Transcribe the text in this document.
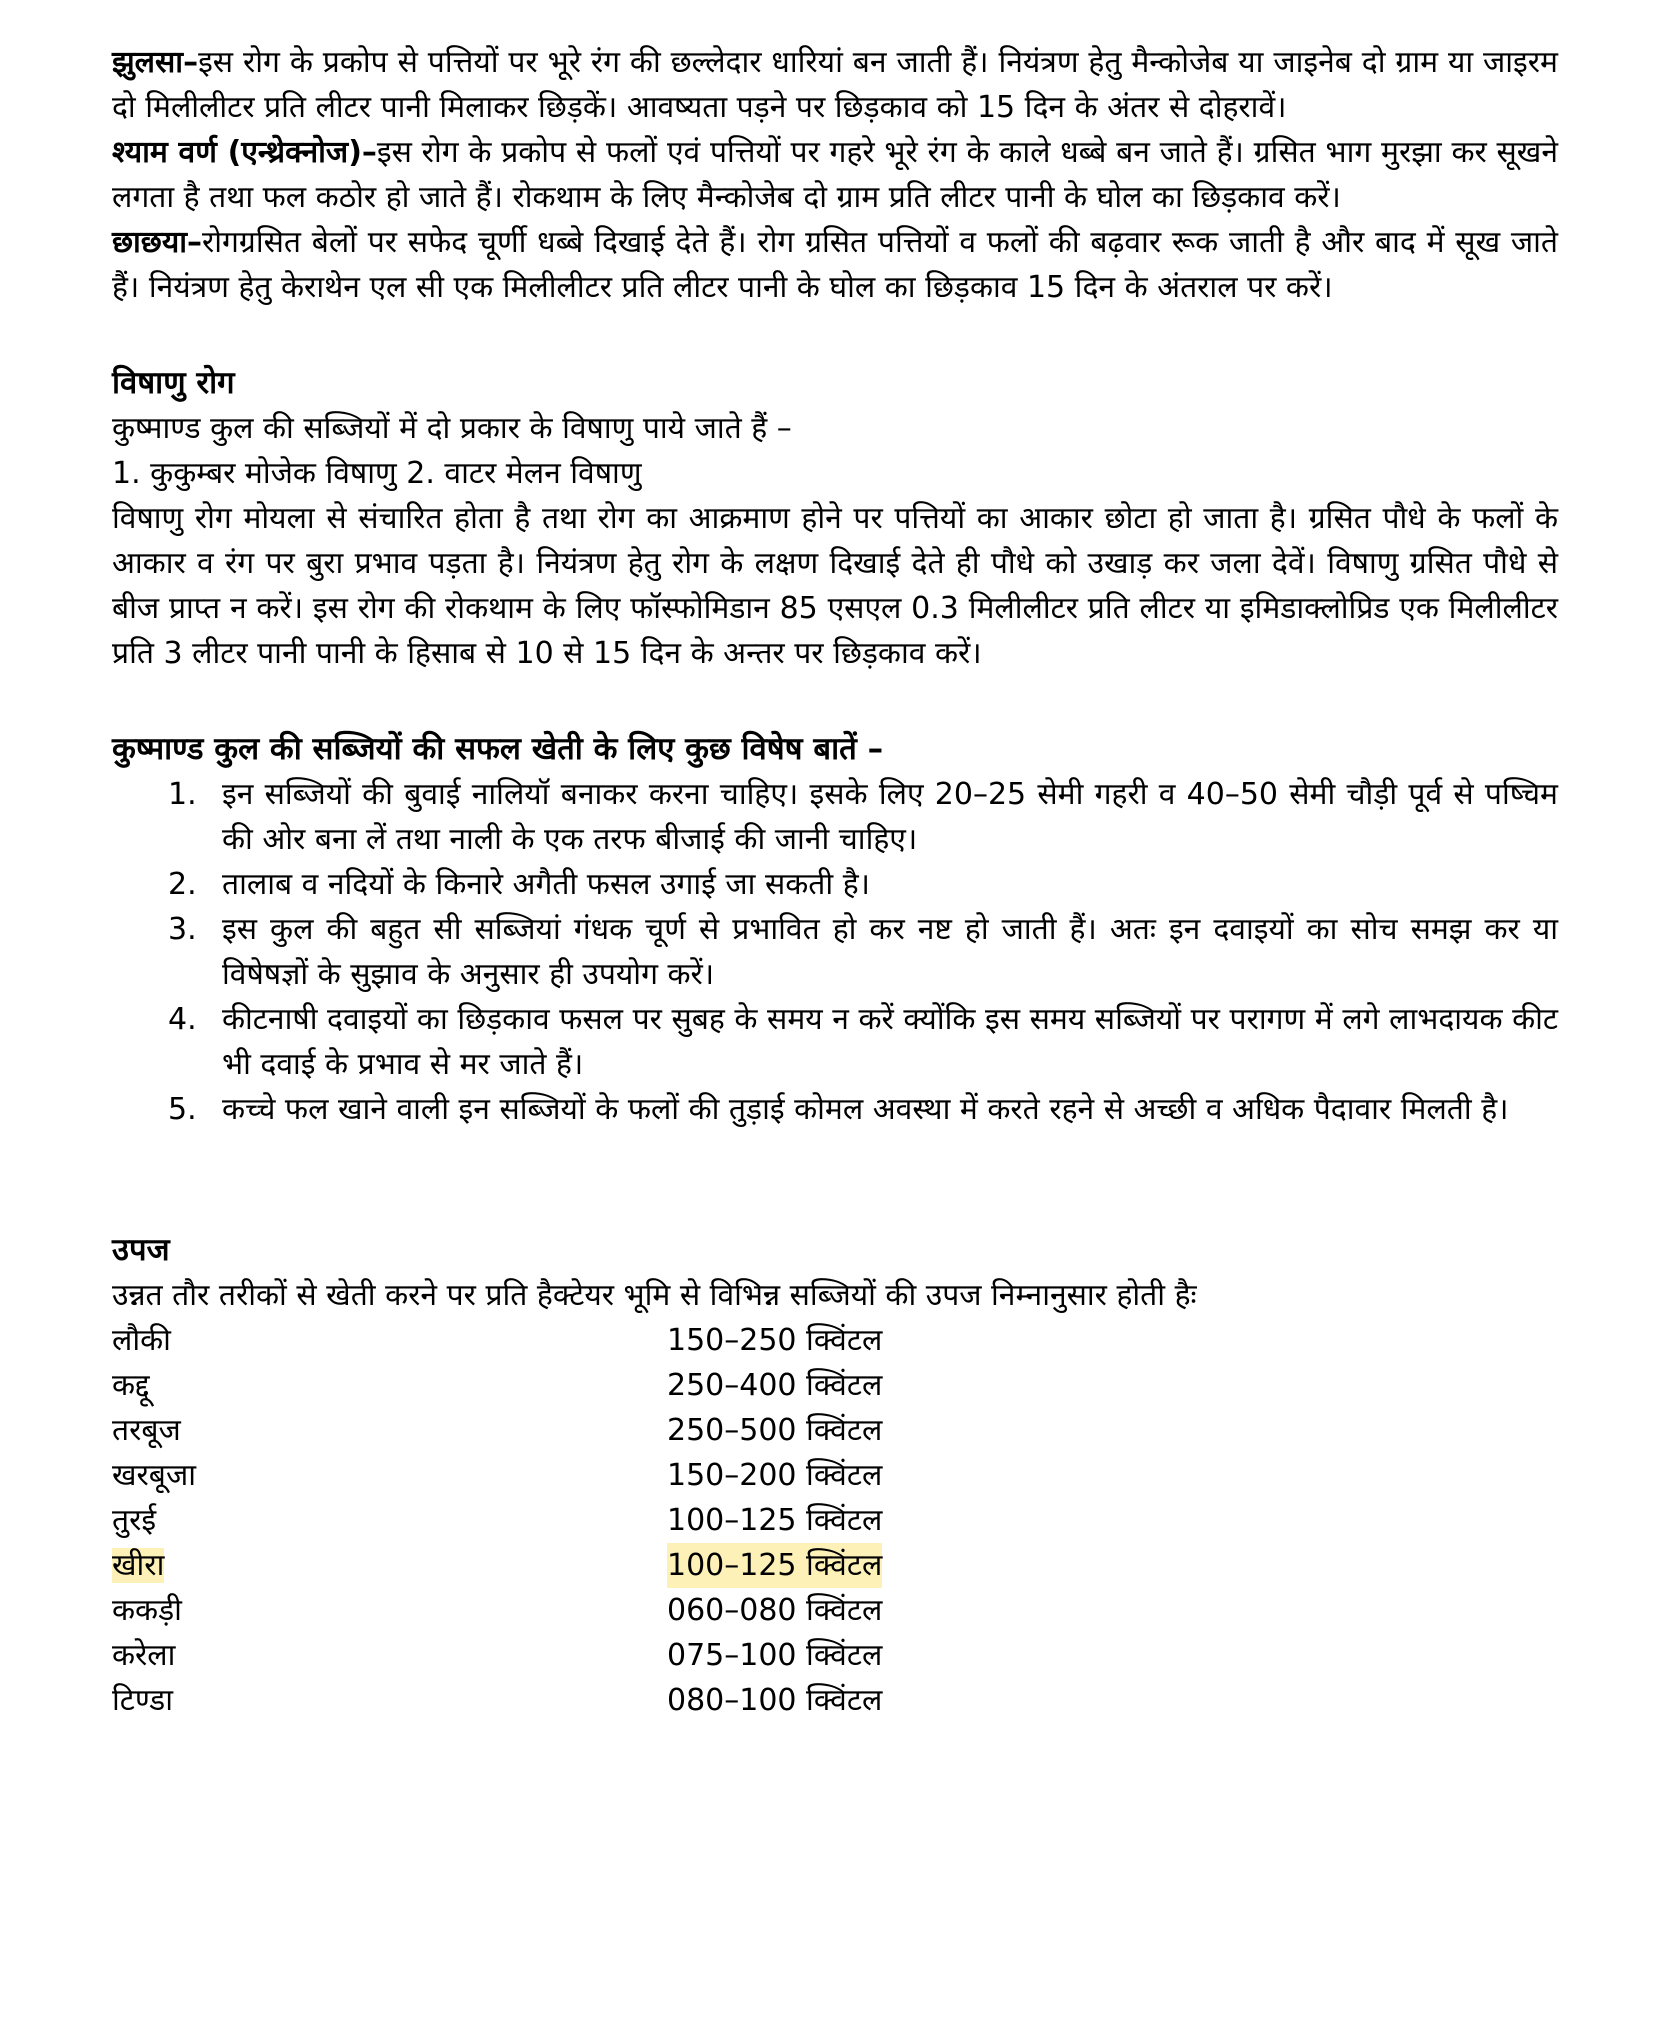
झुलसा–इस रोग के प्रकोप से पत्तियों पर भूरे रंग की छल्लेदार धारियां बन जाती हैं। नियंत्रण हेतु मैन्कोजेब या जाइनेब दो ग्राम या जाइरम दो मिलीलीटर प्रति लीटर पानी मिलाकर छिड़कें। आवष्यता पड़ने पर छिड़काव को 15 दिन के अंतर से दोहरावें।

श्याम वर्ण (एन्थ्रेक्नोज)–इस रोग के प्रकोप से फलों एवं पत्तियों पर गहरे भूरे रंग के काले धब्बे बन जाते हैं। ग्रसित भाग मुरझा कर सूखने लगता है तथा फल कठोर हो जाते हैं। रोकथाम के लिए मैन्कोजेब दो ग्राम प्रति लीटर पानी के घोल का छिड़काव करें।

छाछया–रोगग्रसित बेलों पर सफेद चूर्णी धब्बे दिखाई देते हैं। रोग ग्रसित पत्तियों व फलों की बढ़वार रूक जाती है और बाद में सूख जाते हैं। नियंत्रण हेतु केराथेन एल सी एक मिलीलीटर प्रति लीटर पानी के घोल का छिड़काव 15 दिन के अंतराल पर करें।

विषाणु रोग
कुष्माण्ड कुल की सब्जियों में दो प्रकार के विषाणु पाये जाते हैं –
1. कुकुम्बर मोजेक विषाणु 2. वाटर मेलन विषाणु

विषाणु रोग मोयला से संचारित होता है तथा रोग का आक्रमाण होने पर पत्तियों का आकार छोटा हो जाता है। ग्रसित पौधे के फलों के आकार व रंग पर बुरा प्रभाव पड़ता है। नियंत्रण हेतु रोग के लक्षण दिखाई देते ही पौधे को उखाड़ कर जला देवें। विषाणु ग्रसित पौधे से बीज प्राप्त न करें। इस रोग की रोकथाम के लिए फॉस्फोमिडान 85 एसएल 0.3 मिलीलीटर प्रति लीटर या इमिडाक्लोप्रिड एक मिलीलीटर प्रति 3 लीटर पानी पानी के हिसाब से 10 से 15 दिन के अन्तर पर छिड़काव करें।

कुष्माण्ड कुल की सब्जियों की सफल खेती के लिए कुछ विषेष बातें –
1. इन सब्जियों की बुवाई नालियॉ बनाकर करना चाहिए। इसके लिए 20–25 सेमी गहरी व 40–50 सेमी चौड़ी पूर्व से पष्चिम की ओर बना लें तथा नाली के एक तरफ बीजाई की जानी चाहिए।
2. तालाब व नदियों के किनारे अगैती फसल उगाई जा सकती है।
3. इस कुल की बहुत सी सब्जियां गंधक चूर्ण से प्रभावित हो कर नष्ट हो जाती हैं। अतः इन दवाइयों का सोच समझ कर या विषेषज्ञों के सुझाव के अनुसार ही उपयोग करें।
4. कीटनाषी दवाइयों का छिड़काव फसल पर सुबह के समय न करें क्योंकि इस समय सब्जियों पर परागण में लगे लाभदायक कीट भी दवाई के प्रभाव से मर जाते हैं।
5. कच्चे फल खाने वाली इन सब्जियों के फलों की तुड़ाई कोमल अवस्था में करते रहने से अच्छी व अधिक पैदावार मिलती है।
उपज
उन्नत तौर तरीकों से खेती करने पर प्रति हैक्टेयर भूमि से विभिन्न सब्जियों की उपज निम्नानुसार होती हैः
लौकी	150–250 क्विंटल
कद्दू	250–400 क्विंटल
तरबूज	250–500 क्विंटल
खरबूजा	150–200 क्विंटल
तुरई	100–125 क्विंटल
खीरा	100–125 क्विंटल
ककड़ी	060–080 क्विंटल
करेला	075–100 क्विंटल
टिण्डा	080–100 क्विंटल
